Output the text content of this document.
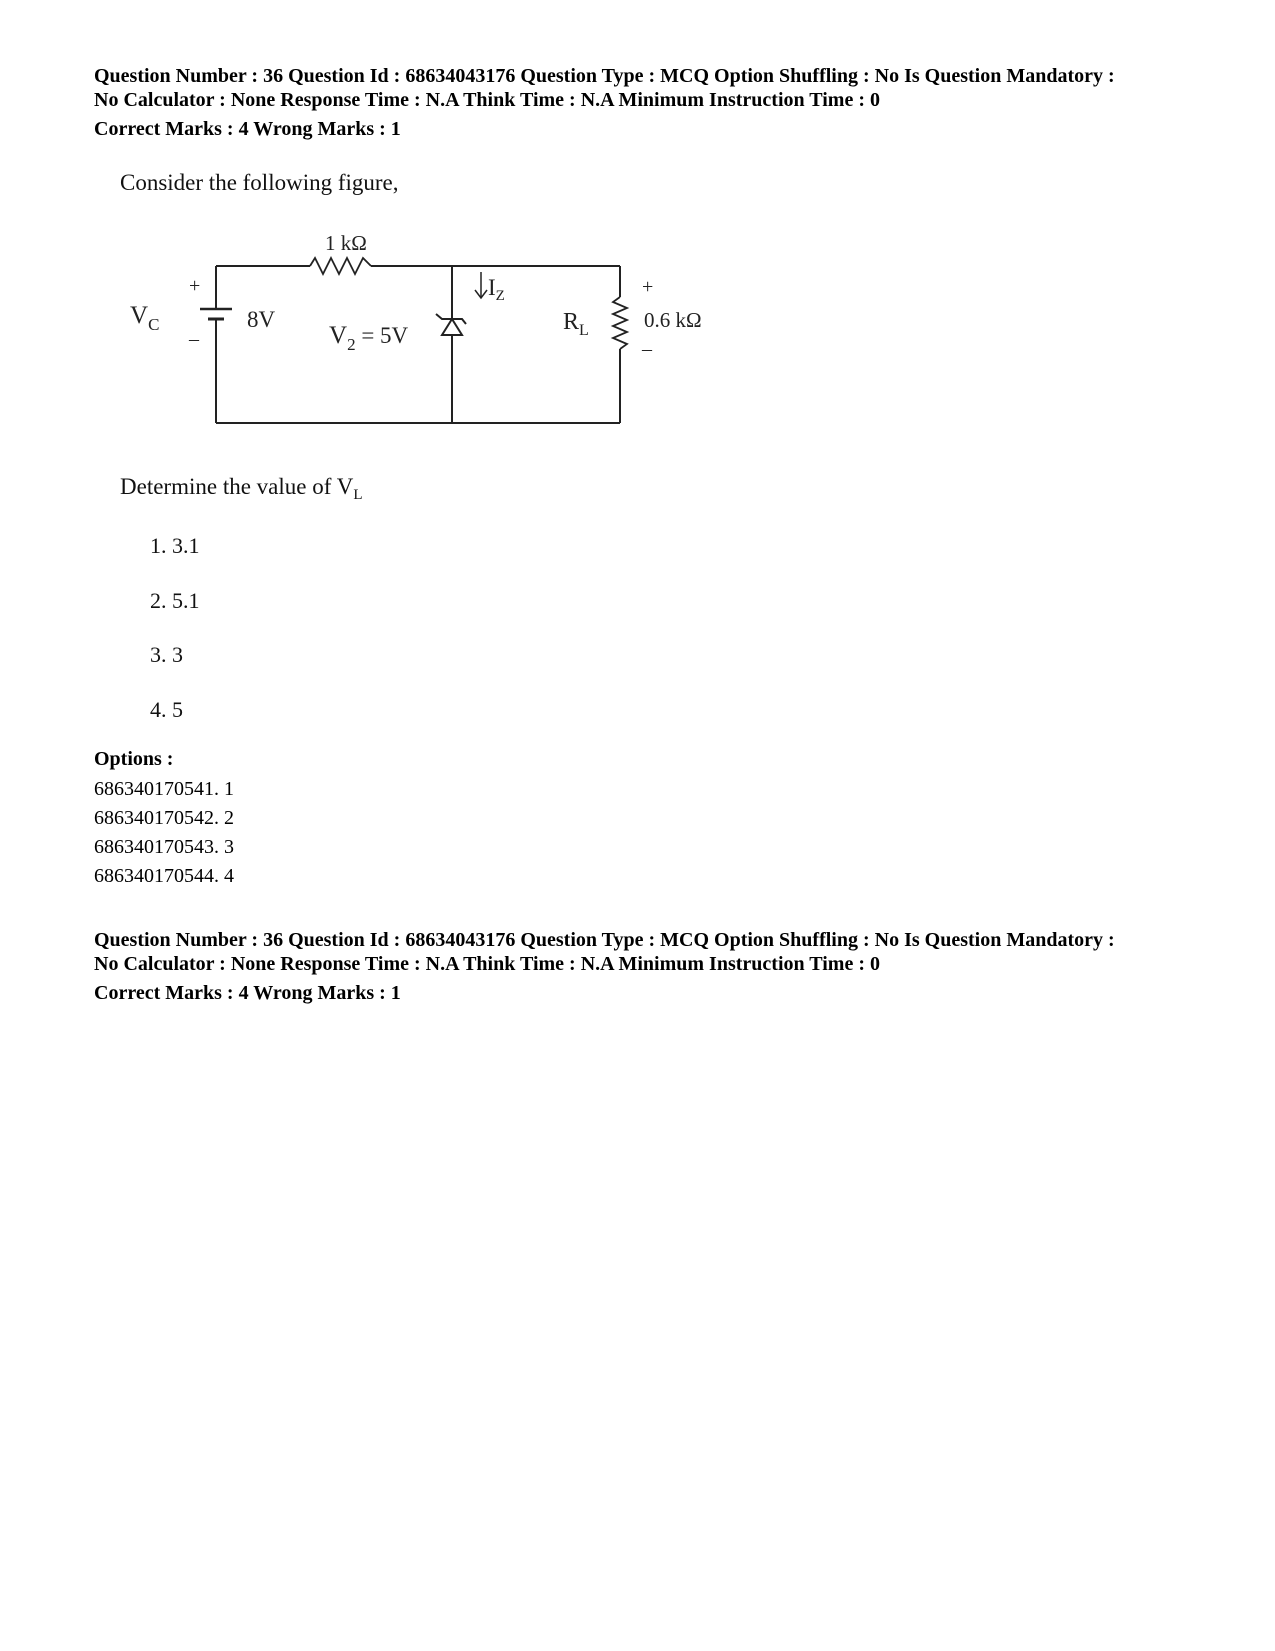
Question Number : 36 Question Id : 68634043176 Question Type : MCQ Option Shuffling : No Is Question Mandatory :
No Calculator : None Response Time : N.A Think Time : N.A Minimum Instruction Time : 0
Correct Marks : 4 Wrong Marks : 1
Consider the following figure,
1 kΩ
+
–
$V_C$	8V
$V_2 = 5V$
$I_Z$
$R_L$
+
–
0.6 kΩ
Determine the value of $V_L$
1. 3.1
2. 5.1
3. 3
4. 5
Options :
686340170541. 1
686340170542. 2
686340170543. 3
686340170544. 4
Question Number : 36 Question Id : 68634043176 Question Type : MCQ Option Shuffling : No Is Question Mandatory :
No Calculator : None Response Time : N.A Think Time : N.A Minimum Instruction Time : 0
Correct Marks : 4 Wrong Marks : 1
